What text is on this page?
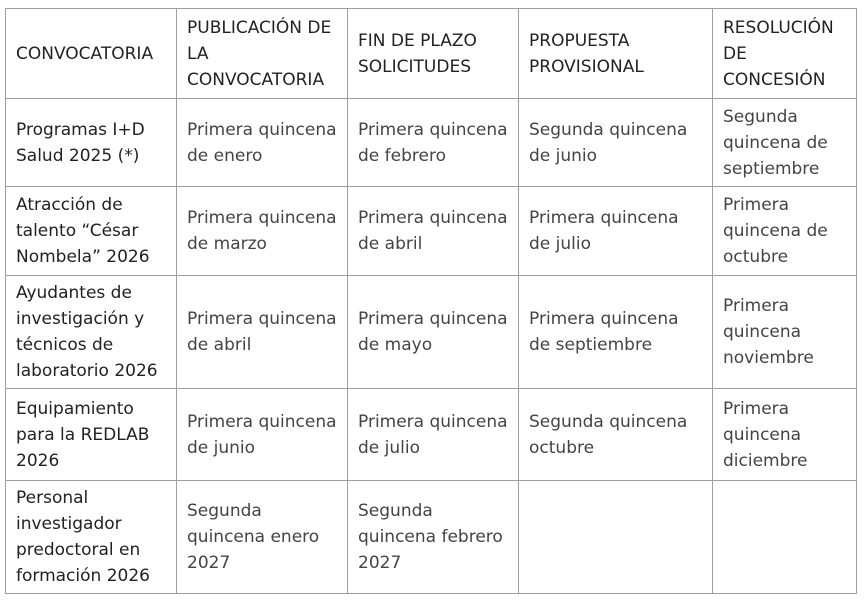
CONVOCATORIA	PUBLICACIÓN DE LA CONVOCATORIA	FIN DE PLAZO SOLICITUDES	PROPUESTA PROVISIONAL	RESOLUCIÓN DE CONCESIÓN
Programas I+D Salud 2025 (*)	Primera quincena de enero	Primera quincena de febrero	Segunda quincena de junio	Segunda quincena de septiembre
Atracción de talento “César Nombela” 2026	Primera quincena de marzo	Primera quincena de abril	Primera quincena de julio	Primera quincena de octubre
Ayudantes de investigación y técnicos de laboratorio 2026	Primera quincena de abril	Primera quincena de mayo	Primera quincena de septiembre	Primera quincena noviembre
Equipamiento para la REDLAB 2026	Primera quincena de junio	Primera quincena de julio	Segunda quincena octubre	Primera quincena diciembre
Personal investigador predoctoral en formación 2026	Segunda quincena enero 2027	Segunda quincena febrero 2027		
